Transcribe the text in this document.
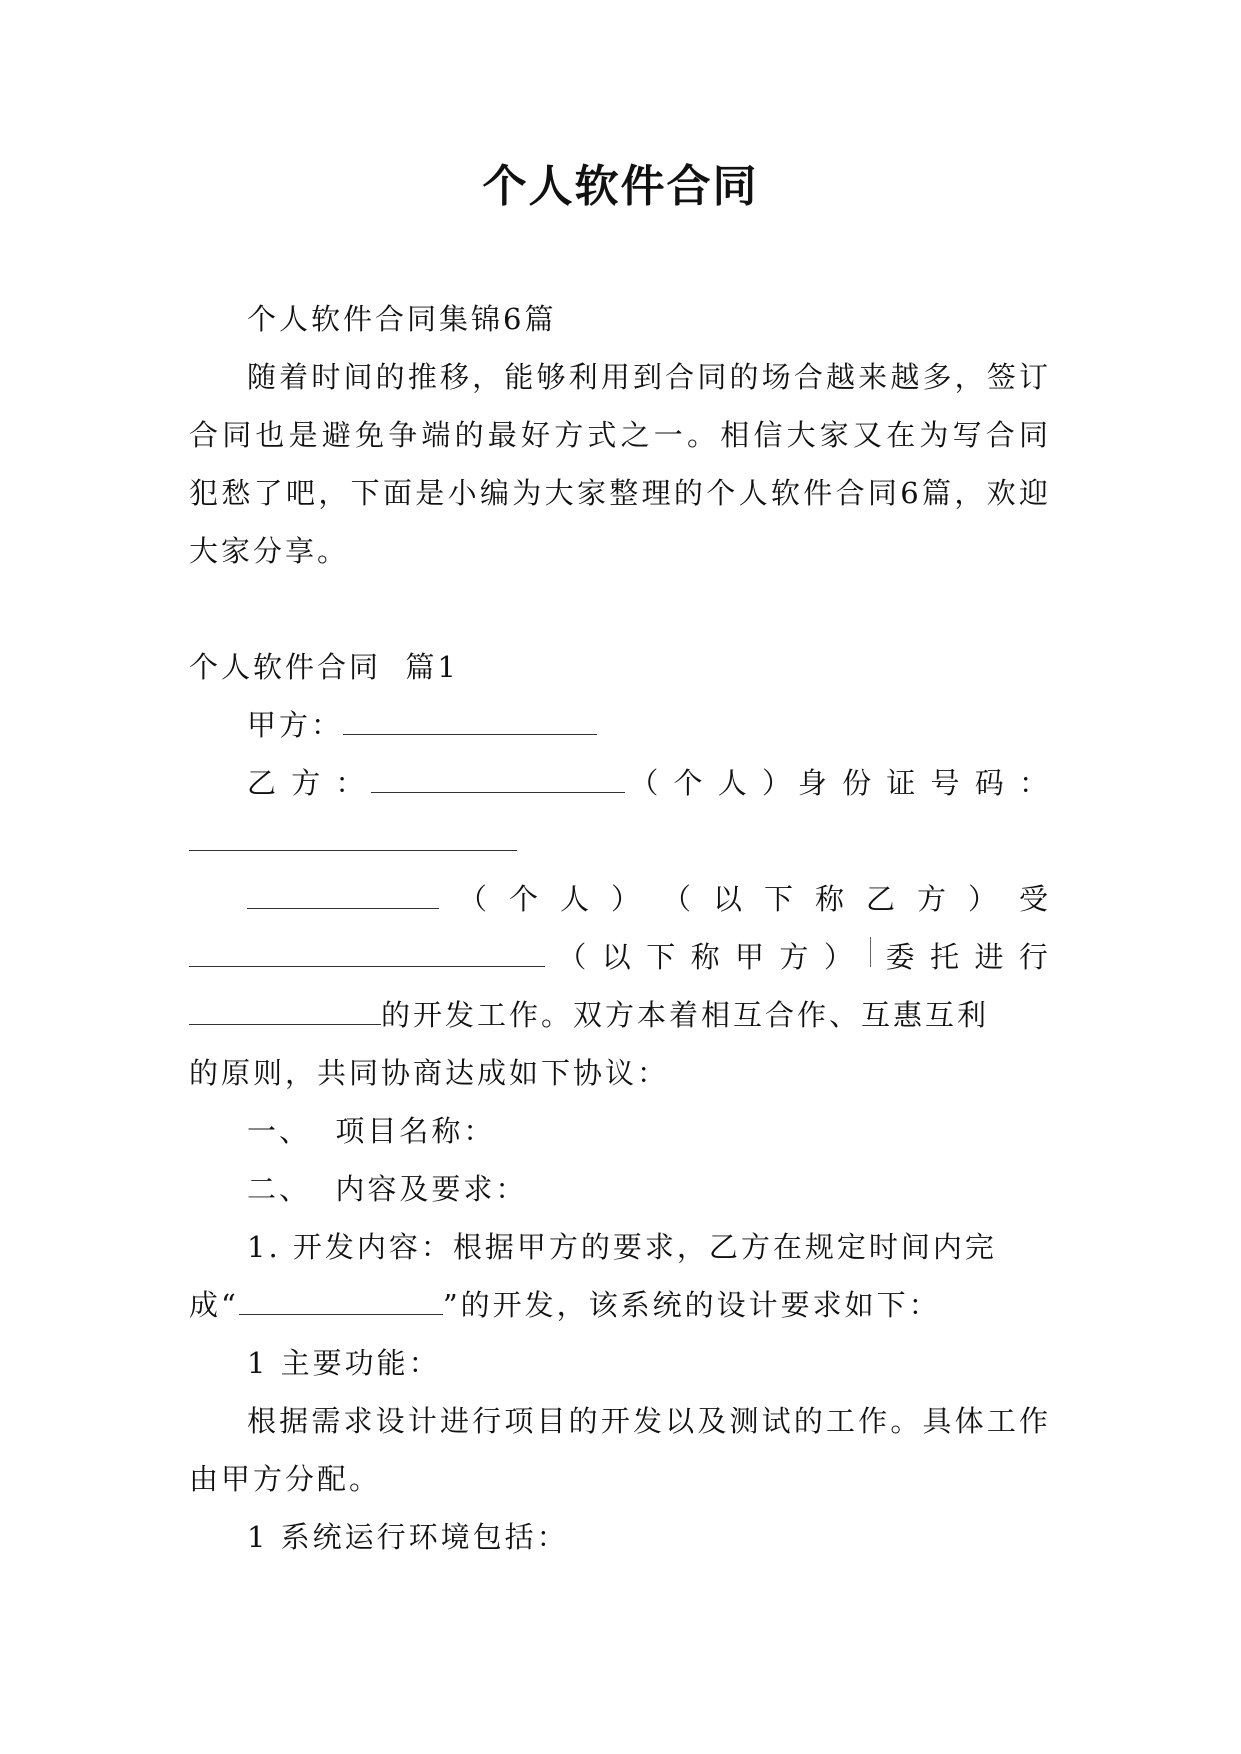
个人软件合同

个人软件合同集锦6篇

随着时间的推移，能够利用到合同的场合越来越多，签订合同也是避免争端的最好方式之一。相信大家又在为写合同犯愁了吧，下面是小编为大家整理的个人软件合同6篇，欢迎大家分享。

个人软件合同  篇1

甲方：

乙 方 ：	（ 个 人 ） 身 份 证 号 码 ：
（ 个 人 ） （ 以 下 称 乙 方 ） 受
（ 以 下 称 甲 方 ） 委 托 进 行

的开发工作。双方本着相互合作、互惠互利

的原则，共同协商达成如下协议：

一、  项目名称：

二、  内容及要求：

1. 开发内容：根据甲方的要求，乙方在规定时间内完

成“	”的开发，该系统的设计要求如下：

1 主要功能：

根据需求设计进行项目的开发以及测试的工作。具体工作由甲方分配。

1 系统运行环境包括：
